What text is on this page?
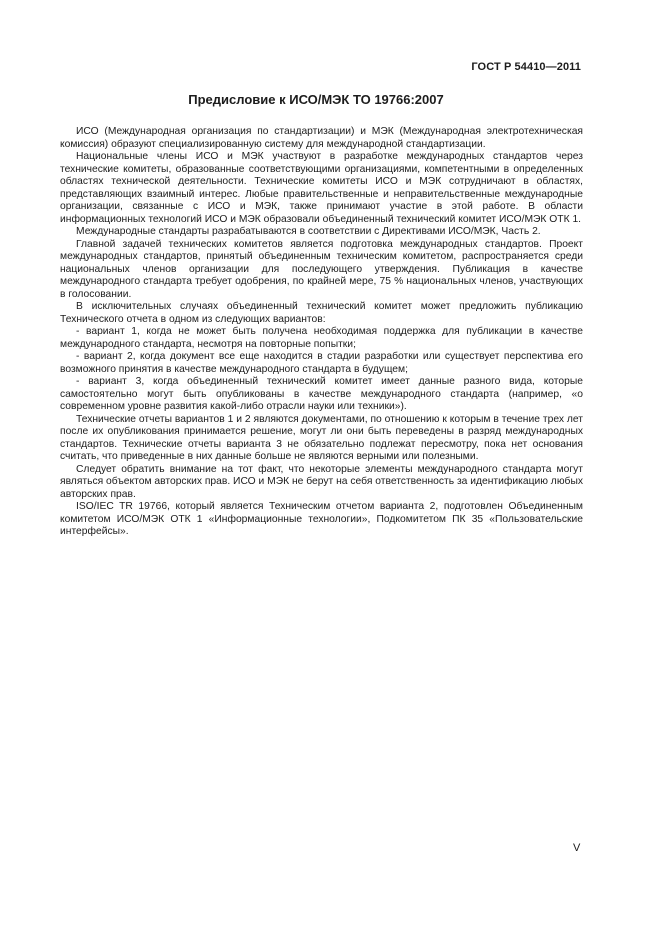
ГОСТ Р 54410—2011
Предисловие к ИСО/МЭК ТО 19766:2007

ИСО (Международная организация по стандартизации) и МЭК (Международная электротехническая комиссия) образуют специализированную систему для международной стандартизации.

Национальные члены ИСО и МЭК участвуют в разработке международных стандартов через технические комитеты, образованные соответствующими организациями, компетентными в определенных областях технической деятельности. Технические комитеты ИСО и МЭК сотрудничают в областях, представляющих взаимный интерес. Любые правительственные и неправительственные международные организации, связанные с ИСО и МЭК, также принимают участие в этой работе. В области информационных технологий ИСО и МЭК образовали объединенный технический комитет ИСО/МЭК ОТК 1.

Международные стандарты разрабатываются в соответствии с Директивами ИСО/МЭК, Часть 2.

Главной задачей технических комитетов является подготовка международных стандартов. Проект международных стандартов, принятый объединенным техническим комитетом, распространяется среди национальных членов организации для последующего утверждения. Публикация в качестве международного стандарта требует одобрения, по крайней мере, 75 % национальных членов, участвующих в голосовании.

В исключительных случаях объединенный технический комитет может предложить публикацию Технического отчета в одном из следующих вариантов:

- вариант 1, когда не может быть получена необходимая поддержка для публикации в качестве международного стандарта, несмотря на повторные попытки;

- вариант 2, когда документ все еще находится в стадии разработки или существует перспектива его возможного принятия в качестве международного стандарта в будущем;

- вариант 3, когда объединенный технический комитет имеет данные разного вида, которые самостоятельно могут быть опубликованы в качестве международного стандарта (например, «о современном уровне развития какой-либо отрасли науки или техники»).

Технические отчеты вариантов 1 и 2 являются документами, по отношению к которым в течение трех лет после их опубликования принимается решение, могут ли они быть переведены в разряд международных стандартов. Технические отчеты варианта 3 не обязательно подлежат пересмотру, пока нет основания считать, что приведенные в них данные больше не являются верными или полезными.

Следует обратить внимание на тот факт, что некоторые элементы международного стандарта могут являться объектом авторских прав. ИСО и МЭК не берут на себя ответственность за идентификацию любых авторских прав.

ISO/IEC TR 19766, который является Техническим отчетом варианта 2, подготовлен Объединенным комитетом ИСО/МЭК ОТК 1 «Информационные технологии», Подкомитетом ПК 35 «Пользовательские интерфейсы».

V
